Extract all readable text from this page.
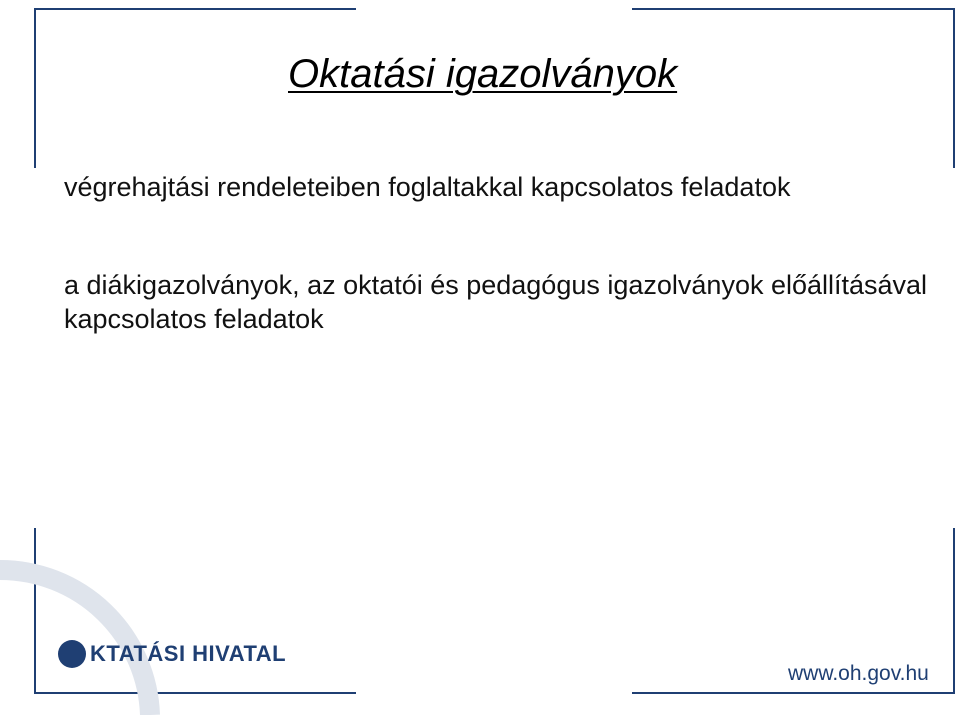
Oktatási igazolványok

végrehajtási rendeleteiben foglaltakkal kapcsolatos feladatok

a diákigazolványok, az oktatói és pedagógus igazolványok előállításával kapcsolatos feladatok

KTATÁSI HIVATAL
www.oh.gov.hu
